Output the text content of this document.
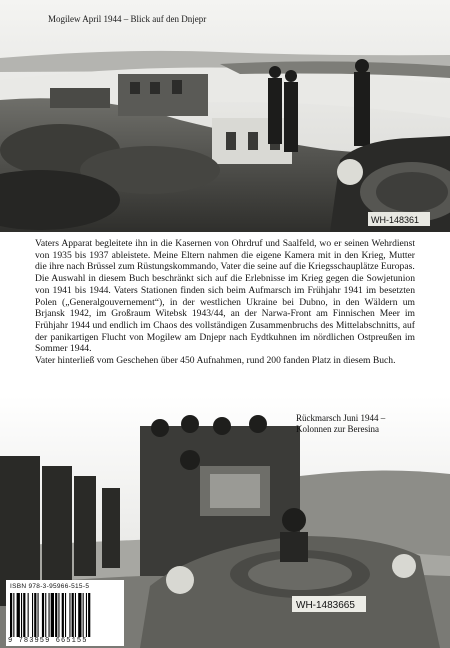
WH-148361
Mogilew April 1944 – Blick auf den Dnjepr

Vaters Apparat begleitete ihn in die Kasernen von Ohrdruf und Saalfeld, wo er seinen Wehrdienst von 1935 bis 1937 ableistete. Meine Eltern nahmen die eigene Kamera mit in den Krieg, Mutter die ihre nach Brüssel zum Rüstungskommando, Vater die seine auf die Kriegsschauplätze Europas.

Die Auswahl in diesem Buch beschränkt sich auf die Erlebnisse im Krieg gegen die Sowjetunion von 1941 bis 1944. Vaters Stationen finden sich beim Aufmarsch im Frühjahr 1941 im besetzten Polen („Generalgouvernement“), in der westlichen Ukraine bei Dubno, in den Wäldern um Brjansk 1942, im Großraum Witebsk 1943/44, an der Narwa-Front am Finnischen Meer im Frühjahr 1944 und endlich im Chaos des vollständigen Zusammenbruchs des Mittelabschnitts, auf der panikartigen Flucht von Mogilew am Dnjepr nach Eydtkuhnen im nördlichen Ostpreußen im Sommer 1944.

Vater hinterließ vom Geschehen über 450 Aufnahmen, rund 200 fanden Platz in diesem Buch.

WH-1483665
Rückmarsch Juni 1944 –
Kolonnen zur Beresina
ISBN 978-3-95966-515-5
9 783959 665155
